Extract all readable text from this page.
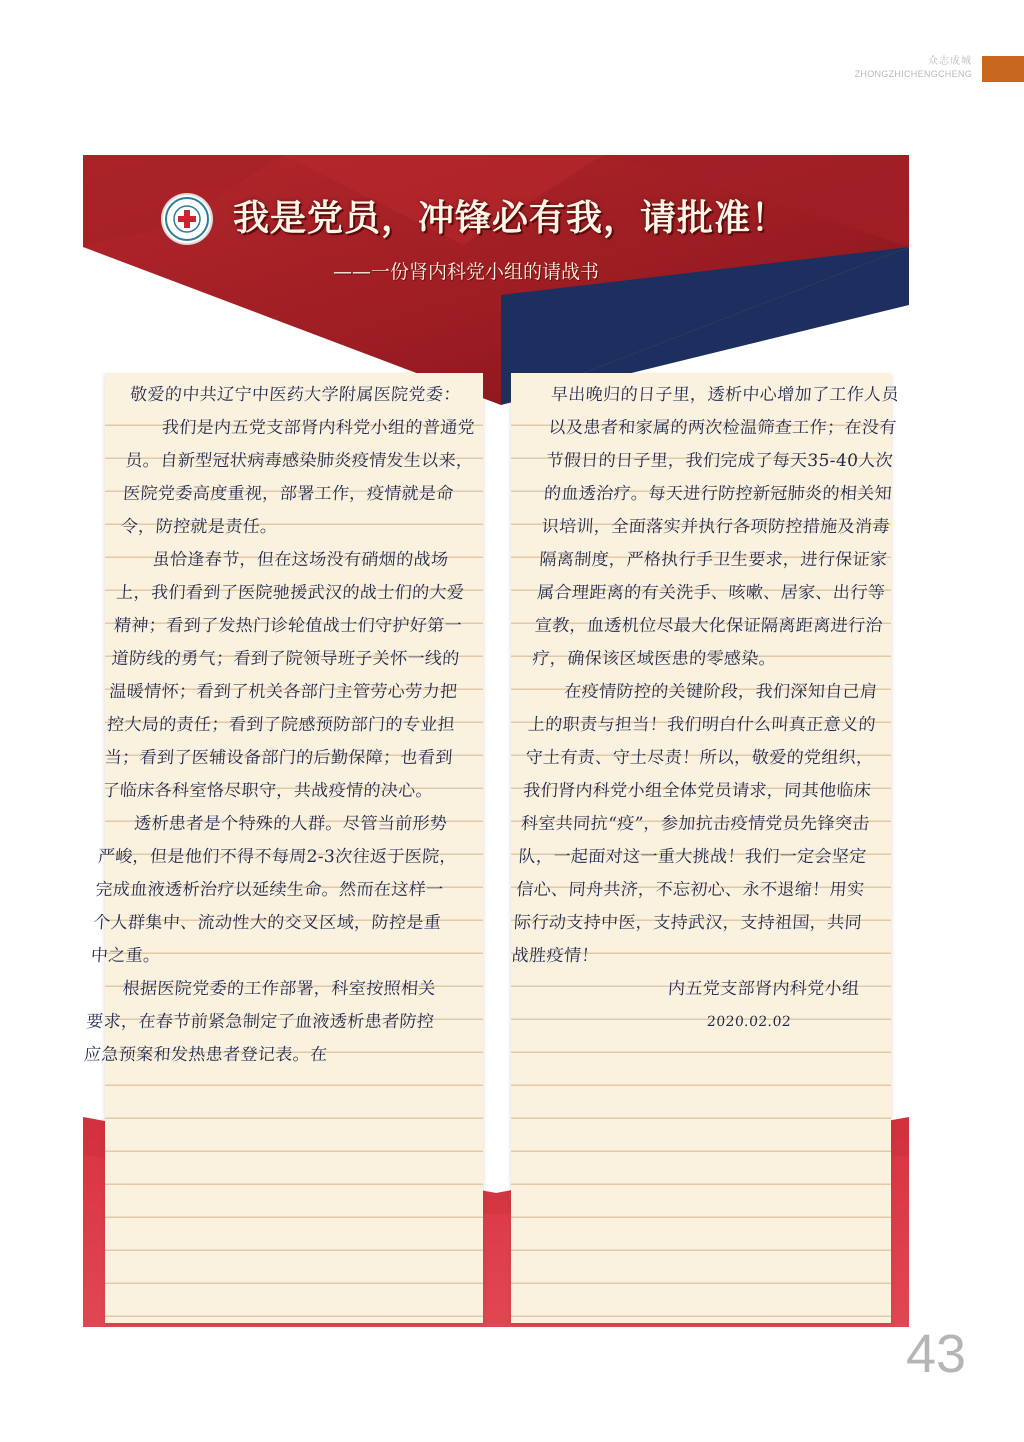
众志成城
ZHONGZHICHENGCHENG
我是党员，冲锋必有我，请批准！
——一份肾内科党小组的请战书

敬爱的中共辽宁中医药大学附属医院党委：

我们是内五党支部肾内科党小组的普通党员。自新型冠状病毒感染肺炎疫情发生以来，医院党委高度重视，部署工作，疫情就是命令，防控就是责任。

虽恰逢春节，但在这场没有硝烟的战场上，我们看到了医院驰援武汉的战士们的大爱精神；看到了发热门诊轮值战士们守护好第一道防线的勇气；看到了院领导班子关怀一线的温暖情怀；看到了机关各部门主管劳心劳力把控大局的责任；看到了院感预防部门的专业担当；看到了医辅设备部门的后勤保障；也看到了临床各科室恪尽职守，共战疫情的决心。

透析患者是个特殊的人群。尽管当前形势严峻，但是他们不得不每周2-3次往返于医院，完成血液透析治疗以延续生命。然而在这样一个人群集中、流动性大的交叉区域，防控是重中之重。

根据医院党委的工作部署，科室按照相关要求，在春节前紧急制定了血液透析患者防控应急预案和发热患者登记表。在

早出晚归的日子里，透析中心增加了工作人员以及患者和家属的两次检温筛查工作；在没有节假日的日子里，我们完成了每天35-40人次的血透治疗。每天进行防控新冠肺炎的相关知识培训，全面落实并执行各项防控措施及消毒隔离制度，严格执行手卫生要求，进行保证家属合理距离的有关洗手、咳嗽、居家、出行等宣教，血透机位尽最大化保证隔离距离进行治疗，确保该区域医患的零感染。

在疫情防控的关键阶段，我们深知自己肩上的职责与担当！我们明白什么叫真正意义的守土有责、守土尽责！所以，敬爱的党组织，我们肾内科党小组全体党员请求，同其他临床科室共同抗“疫”，参加抗击疫情党员先锋突击队，一起面对这一重大挑战！我们一定会坚定信心、同舟共济，不忘初心、永不退缩！用实际行动支持中医，支持武汉，支持祖国，共同战胜疫情！

内五党支部肾内科党小组

2020.02.02

43
